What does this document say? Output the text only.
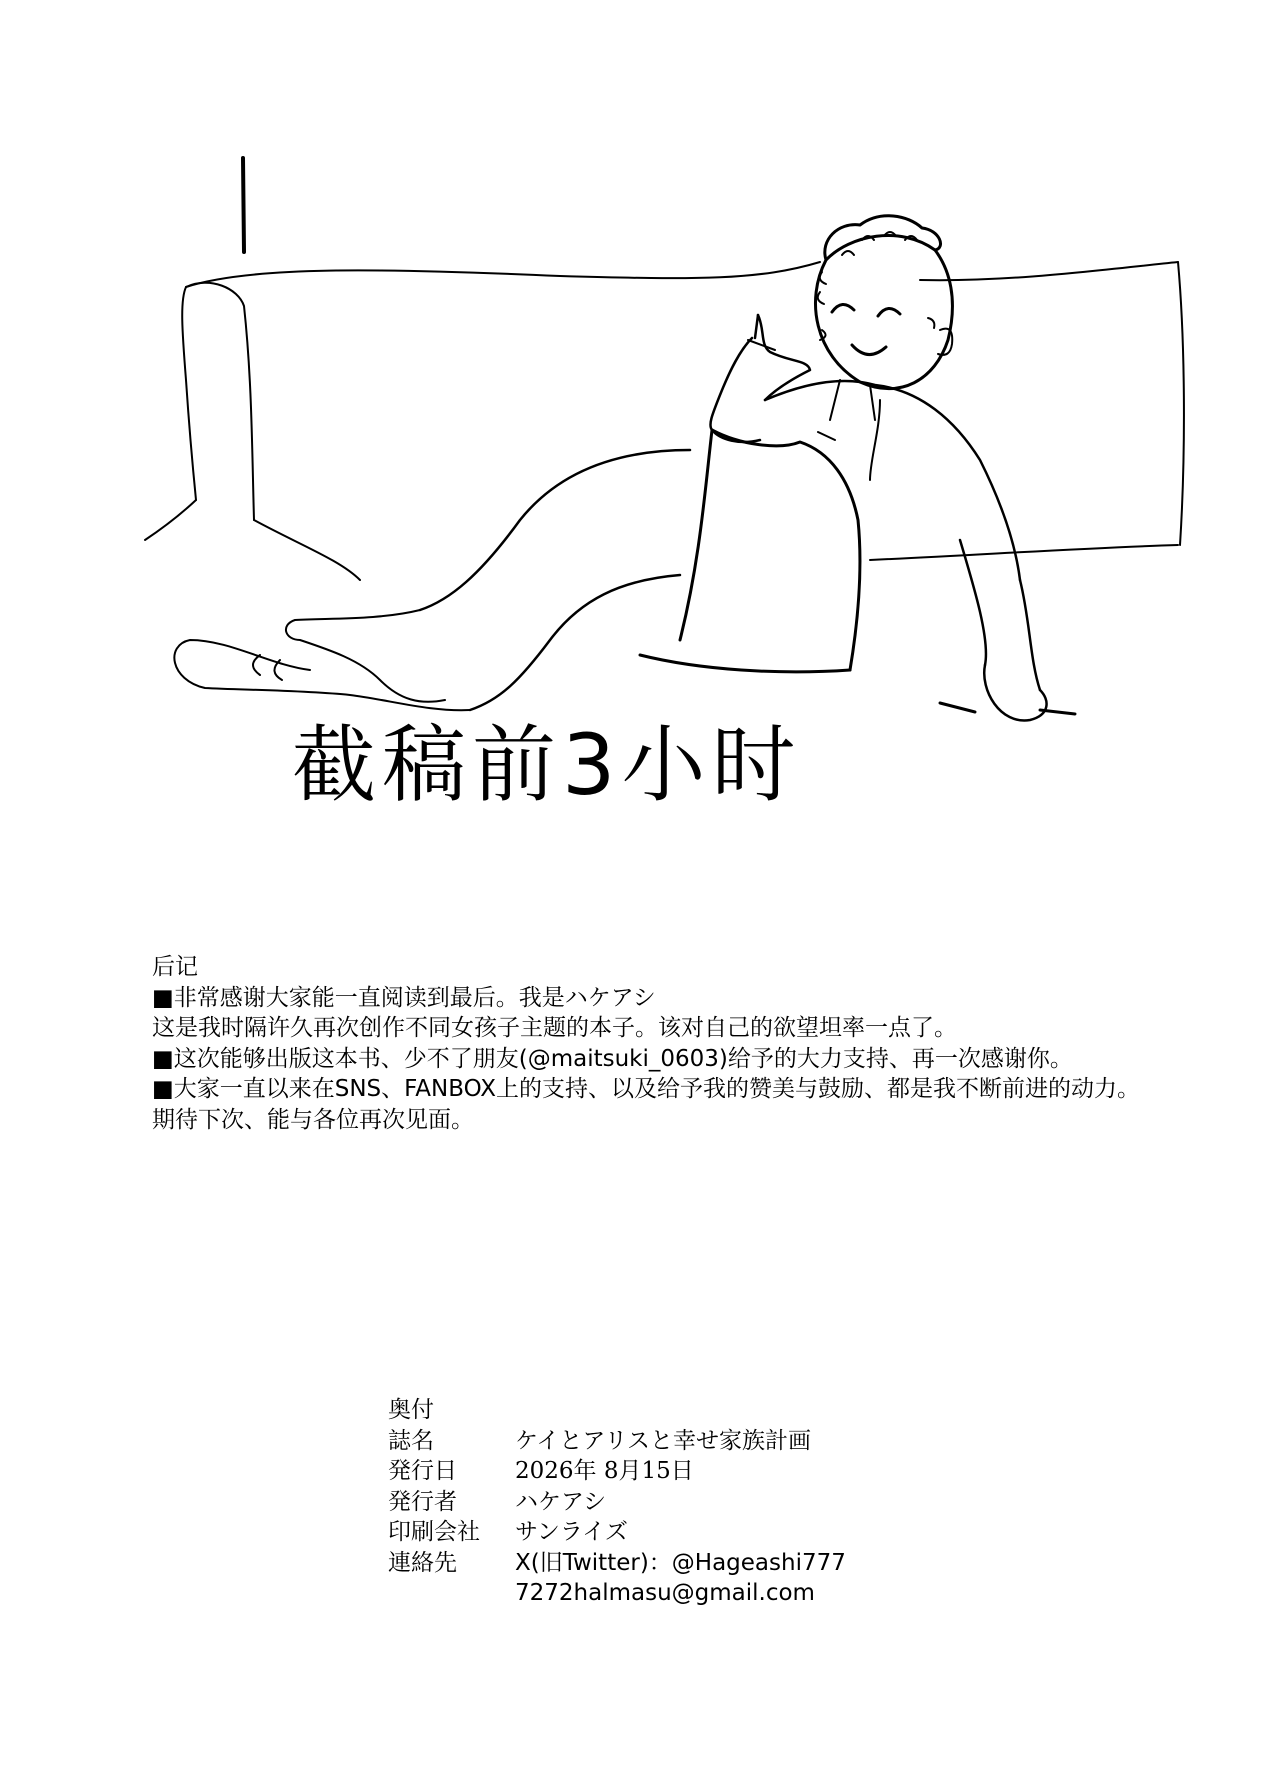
截稿前3小时
后记
■非常感谢大家能一直阅读到最后。我是ハケアシ
这是我时隔许久再次创作不同女孩子主题的本子。该对自己的欲望坦率一点了。
■这次能够出版这本书、少不了朋友(@maitsuki_0603)给予的大力支持、再一次感谢你。
■大家一直以来在SNS、FANBOX上的支持、以及给予我的赞美与鼓励、都是我不断前进的动力。
期待下次、能与各位再次见面。
奥付
誌名	ケイとアリスと幸せ家族計画
発行日	2026年 8月15日
発行者	ハケアシ
印刷会社	サンライズ
連絡先	X(旧Twitter)：@Hageashi777
7272halmasu@gmail.com
